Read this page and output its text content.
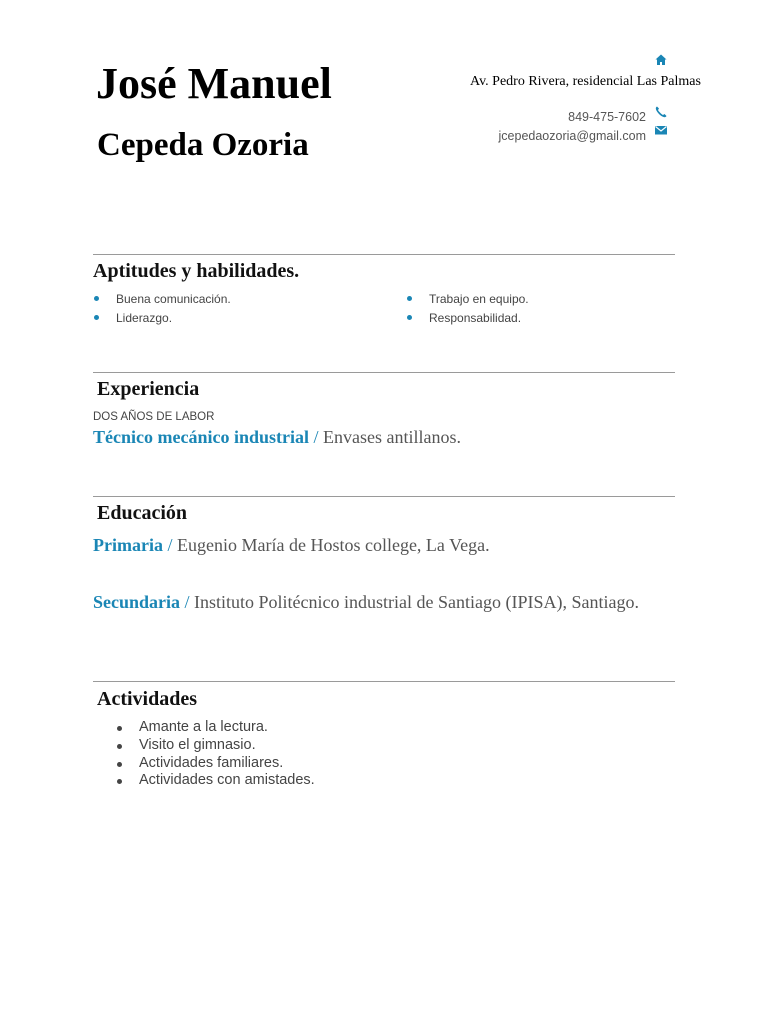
José Manuel
Cepeda Ozoria
Av. Pedro Rivera, residencial Las Palmas
849-475-7602
jcepedaozoria@gmail.com
Aptitudes y habilidades.
Buena comunicación.
Liderazgo.
Trabajo en equipo.
Responsabilidad.
Experiencia
DOS AÑOS DE LABOR
Técnico mecánico industrial / Envases antillanos.
Educación
Primaria / Eugenio María de Hostos college, La Vega.
Secundaria / Instituto Politécnico industrial de Santiago (IPISA), Santiago.
Actividades
Amante a la lectura.
Visito el gimnasio.
Actividades familiares.
Actividades con amistades.
